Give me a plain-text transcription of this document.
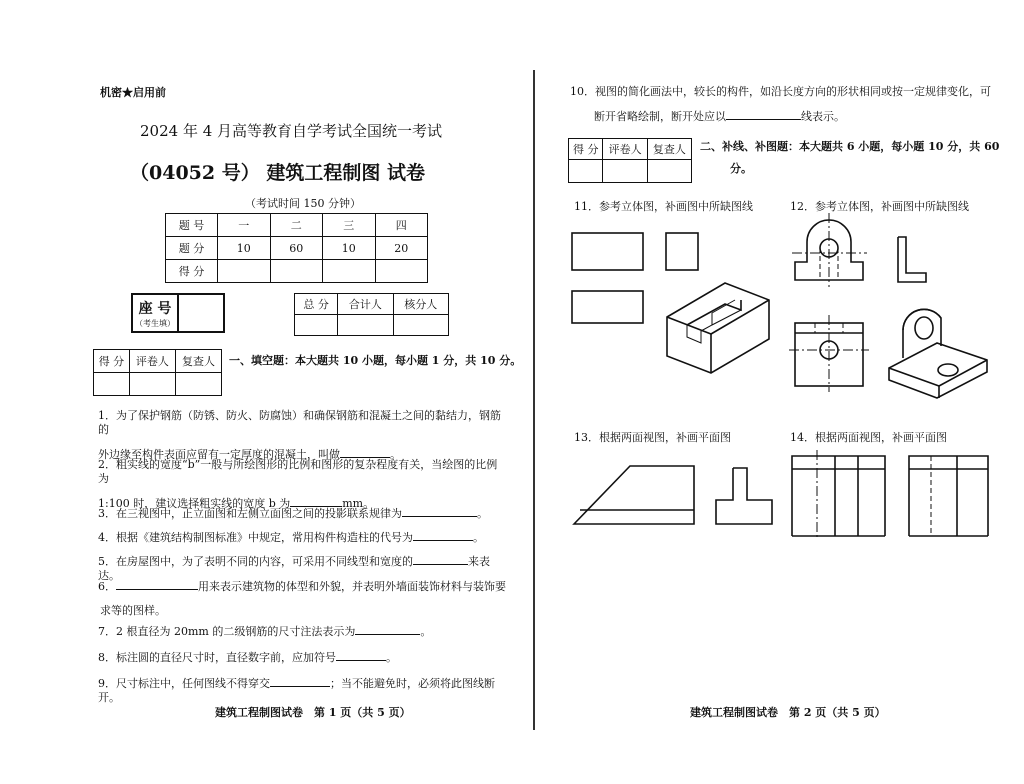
机密★启用前
2024 年 4 月高等教育自学考试全国统一考试
（04052 号） 建筑工程制图 试卷
（考试时间 150 分钟）
题 号	一	二	三	四
题 分	10	60	10	20
得 分				
座 号
（考生填）

总 分	合计人	核分人

得 分	评卷人	复查人
		一、填空题：本大题共 10 小题，每小题 1 分，共 10 分。
1．为了保护钢筋（防锈、防火、防腐蚀）和确保钢筋和混凝土之间的黏结力，钢筋的
外边缘至构件表面应留有一定厚度的混凝土，叫做	。
2．粗实线的宽度“b”一般与所绘图形的比例和图形的复杂程度有关，当绘图的比例为
1:100 时，建议选择粗实线的宽度 b 为	mm。
3．在三视图中，正立面图和左侧立面图之间的投影联系规律为	。
4．根据《建筑结构制图标准》中规定，常用构件构造柱的代号为	。
5．在房屋图中，为了表明不同的内容，可采用不同线型和宽度的	来表达。
6．	用来表示建筑物的体型和外貌，并表明外墙面装饰材料与装饰要
求等的图样。
7．2 根直径为 20mm 的二级钢筋的尺寸注法表示为	。
8．标注圆的直径尺寸时，直径数字前，应加符号	。
9．尺寸标注中，任何图线不得穿交	；当不能避免时，必须将此图线断开。
建筑工程制图试卷　第 1 页（共 5 页）
10．视图的简化画法中，较长的构件，如沿长度方向的形状相同或按一定规律变化，可
断开省略绘制，断开处应以	线表示。
得 分	评卷人	复查人
		二、补线、补图题：本大题共 6 小题，每小题 10 分，共 60
分。
11．参考立体图，补画图中所缺图线	12．参考立体图，补画图中所缺图线
13．根据两面视图，补画平面图	14．根据两面视图，补画平面图
建筑工程制图试卷　第 2 页（共 5 页）
